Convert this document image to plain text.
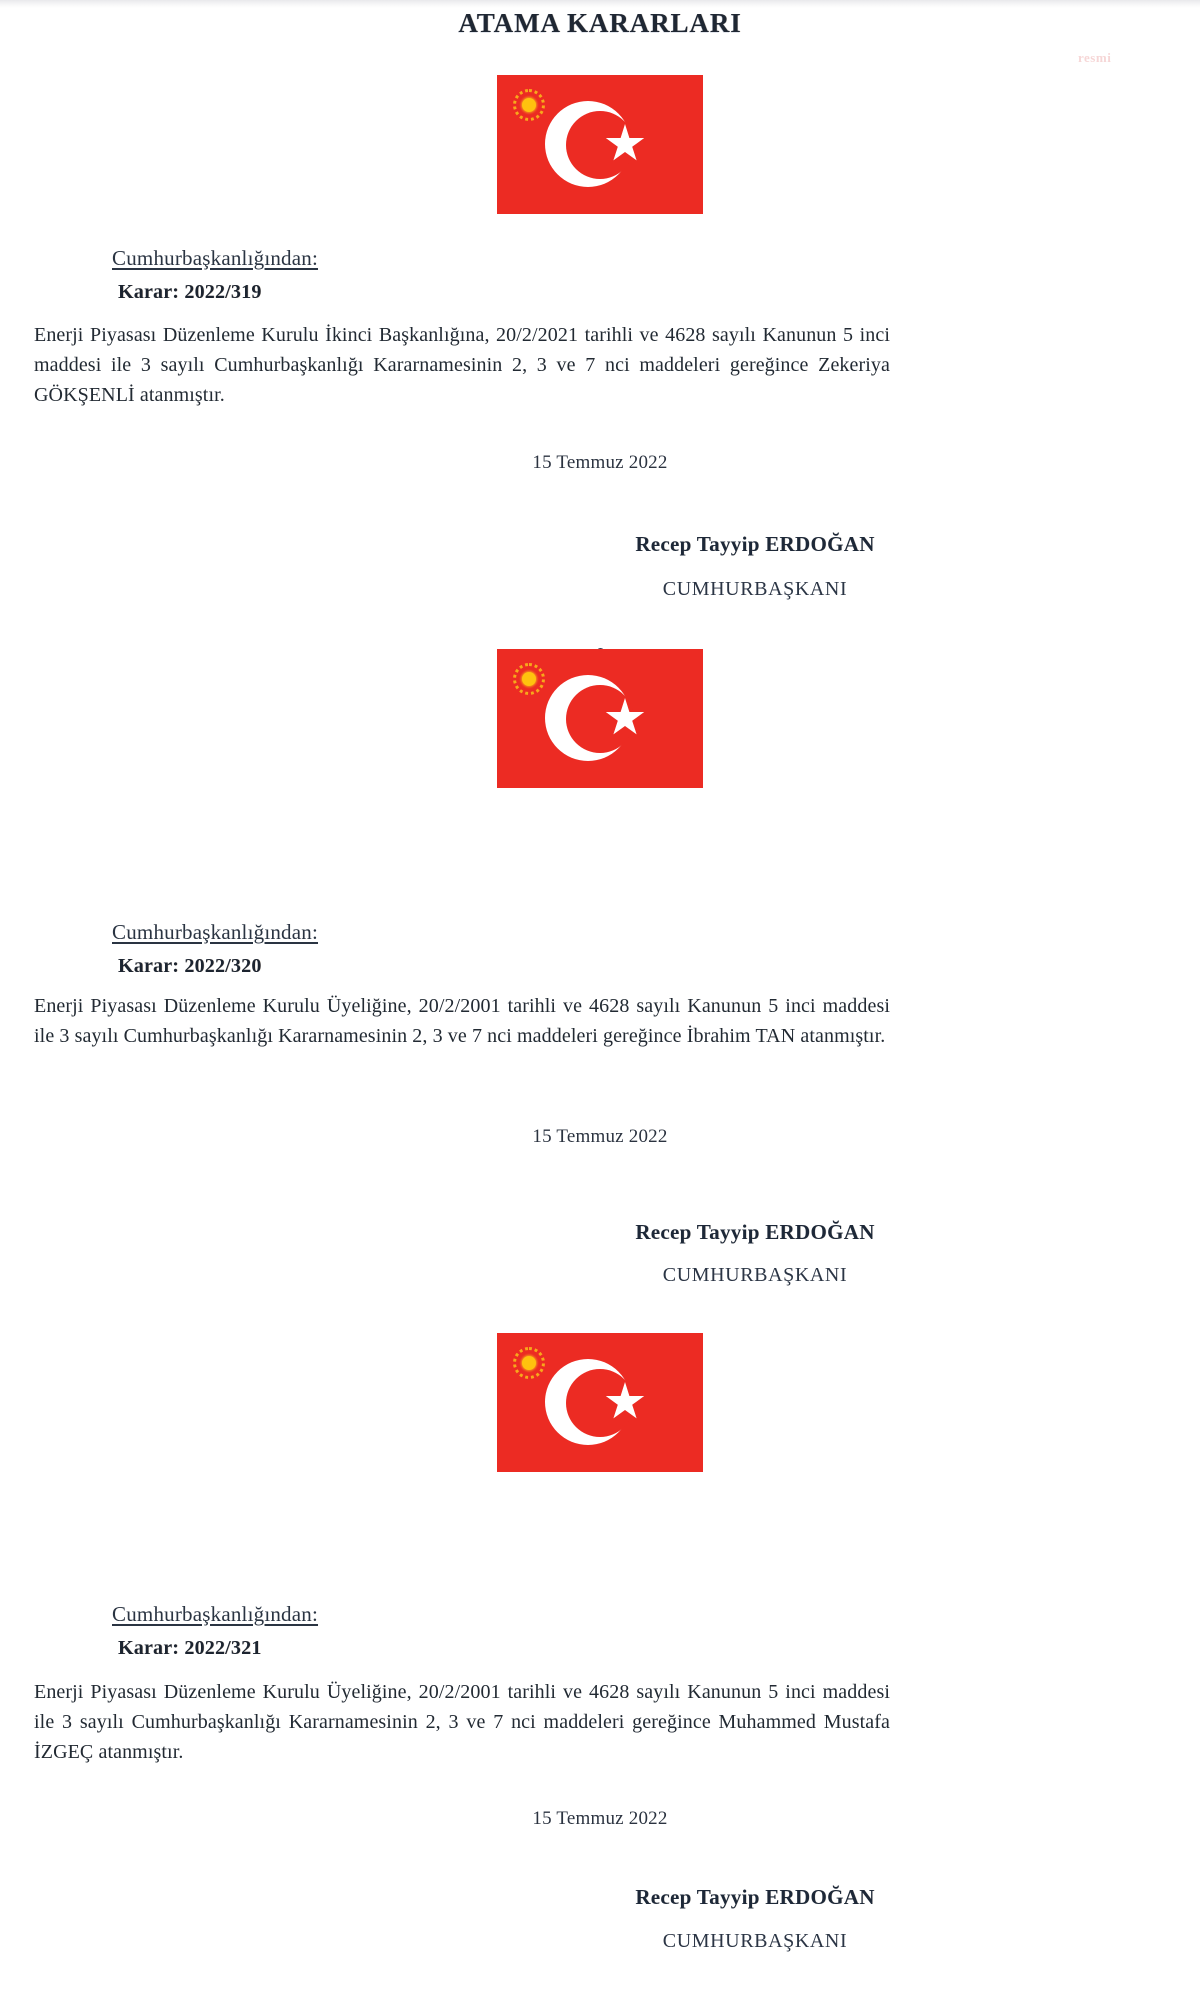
ATAMA KARARLARI
resmi
Cumhurbaşkanlığından:
Karar: 2022/319
Enerji Piyasası Düzenleme Kurulu İkinci Başkanlığına, 20/2/2021 tarihli ve 4628 sayılı Kanunun 5 inci maddesi ile 3 sayılı Cumhurbaşkanlığı Kararnamesinin 2, 3 ve 7 nci maddeleri gereğince Zekeriya GÖKŞENLİ atanmıştır.
15 Temmuz 2022
Recep Tayyip ERDOĞAN
CUMHURBAŞKANI
Cumhurbaşkanlığından:
Karar: 2022/320
Enerji Piyasası Düzenleme Kurulu Üyeliğine, 20/2/2001 tarihli ve 4628 sayılı Kanunun 5 inci maddesi ile 3 sayılı Cumhurbaşkanlığı Kararnamesinin 2, 3 ve 7 nci maddeleri gereğince İbrahim TAN atanmıştır.
15 Temmuz 2022
Recep Tayyip ERDOĞAN
CUMHURBAŞKANI
Cumhurbaşkanlığından:
Karar: 2022/321
Enerji Piyasası Düzenleme Kurulu Üyeliğine, 20/2/2001 tarihli ve 4628 sayılı Kanunun 5 inci maddesi ile 3 sayılı Cumhurbaşkanlığı Kararnamesinin 2, 3 ve 7 nci maddeleri gereğince Muhammed Mustafa İZGEÇ atanmıştır.
15 Temmuz 2022
Recep Tayyip ERDOĞAN
CUMHURBAŞKANI
